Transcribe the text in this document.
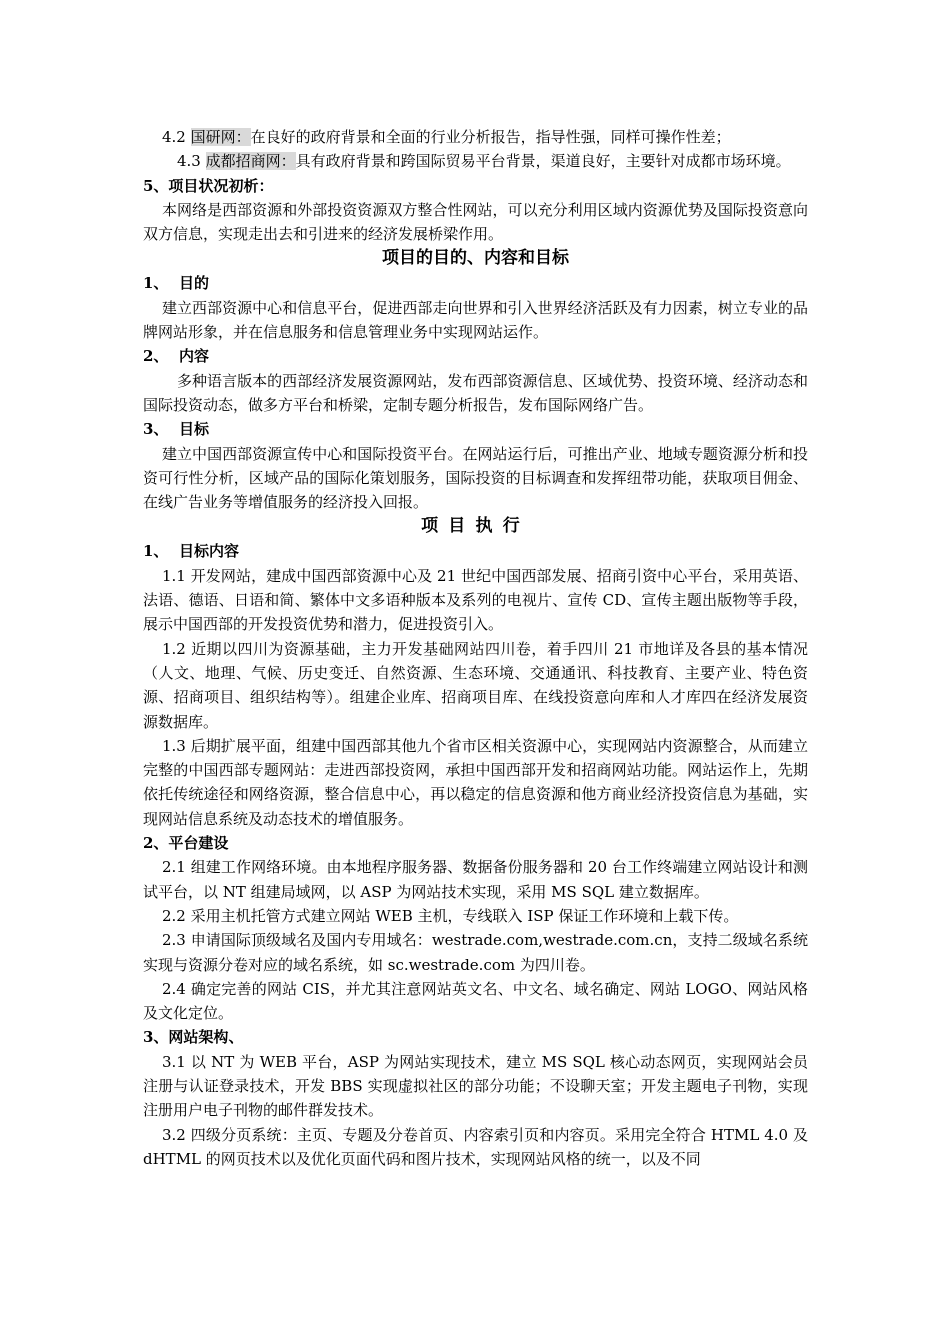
4.2 国研网：在良好的政府背景和全面的行业分析报告，指导性强，同样可操作性差；

4.3 成都招商网：具有政府背景和跨国际贸易平台背景，渠道良好，主要针对成都市场环境。

5、项目状况初析：

本网络是西部资源和外部投资资源双方整合性网站，可以充分利用区域内资源优势及国际投资意向双方信息，实现走出去和引进来的经济发展桥梁作用。

项目的目的、内容和目标

1、 目的

建立西部资源中心和信息平台，促进西部走向世界和引入世界经济活跃及有力因素，树立专业的品牌网站形象，并在信息服务和信息管理业务中实现网站运作。

2、 内容

多种语言版本的西部经济发展资源网站，发布西部资源信息、区域优势、投资环境、经济动态和国际投资动态，做多方平台和桥梁，定制专题分析报告，发布国际网络广告。

3、 目标

建立中国西部资源宣传中心和国际投资平台。在网站运行后，可推出产业、地域专题资源分析和投资可行性分析，区域产品的国际化策划服务，国际投资的目标调查和发挥纽带功能，获取项目佣金、在线广告业务等增值服务的经济投入回报。

项目执行

1、 目标内容

1.1 开发网站，建成中国西部资源中心及 21 世纪中国西部发展、招商引资中心平台，采用英语、法语、德语、日语和简、繁体中文多语种版本及系列的电视片、宣传 CD、宣传主题出版物等手段，展示中国西部的开发投资优势和潜力，促进投资引入。

1.2 近期以四川为资源基础，主力开发基础网站四川卷，着手四川 21 市地详及各县的基本情况（人文、地理、气候、历史变迁、自然资源、生态环境、交通通讯、科技教育、主要产业、特色资源、招商项目、组织结构等）。组建企业库、招商项目库、在线投资意向库和人才库四在经济发展资源数据库。

1.3 后期扩展平面，组建中国西部其他九个省市区相关资源中心，实现网站内资源整合，从而建立完整的中国西部专题网站：走进西部投资网，承担中国西部开发和招商网站功能。网站运作上，先期依托传统途径和网络资源，整合信息中心，再以稳定的信息资源和他方商业经济投资信息为基础，实现网站信息系统及动态技术的增值服务。

2、平台建设

2.1 组建工作网络环境。由本地程序服务器、数据备份服务器和 20 台工作终端建立网站设计和测试平台，以 NT 组建局域网，以 ASP 为网站技术实现，采用 MS SQL 建立数据库。

2.2 采用主机托管方式建立网站 WEB 主机，专线联入 ISP 保证工作环境和上载下传。

2.3 申请国际顶级域名及国内专用域名：westrade.com,westrade.com.cn，支持二级域名系统实现与资源分卷对应的域名系统，如 sc.westrade.com 为四川卷。

2.4 确定完善的网站 CIS，并尤其注意网站英文名、中文名、域名确定、网站 LOGO、网站风格及文化定位。

3、网站架构、

3.1 以 NT 为 WEB 平台，ASP 为网站实现技术，建立 MS SQL 核心动态网页，实现网站会员注册与认证登录技术，开发 BBS 实现虚拟社区的部分功能；不设聊天室；开发主题电子刊物，实现注册用户电子刊物的邮件群发技术。

3.2 四级分页系统：主页、专题及分卷首页、内容索引页和内容页。采用完全符合 HTML 4.0 及 dHTML 的网页技术以及优化页面代码和图片技术，实现网站风格的统一，以及不同
